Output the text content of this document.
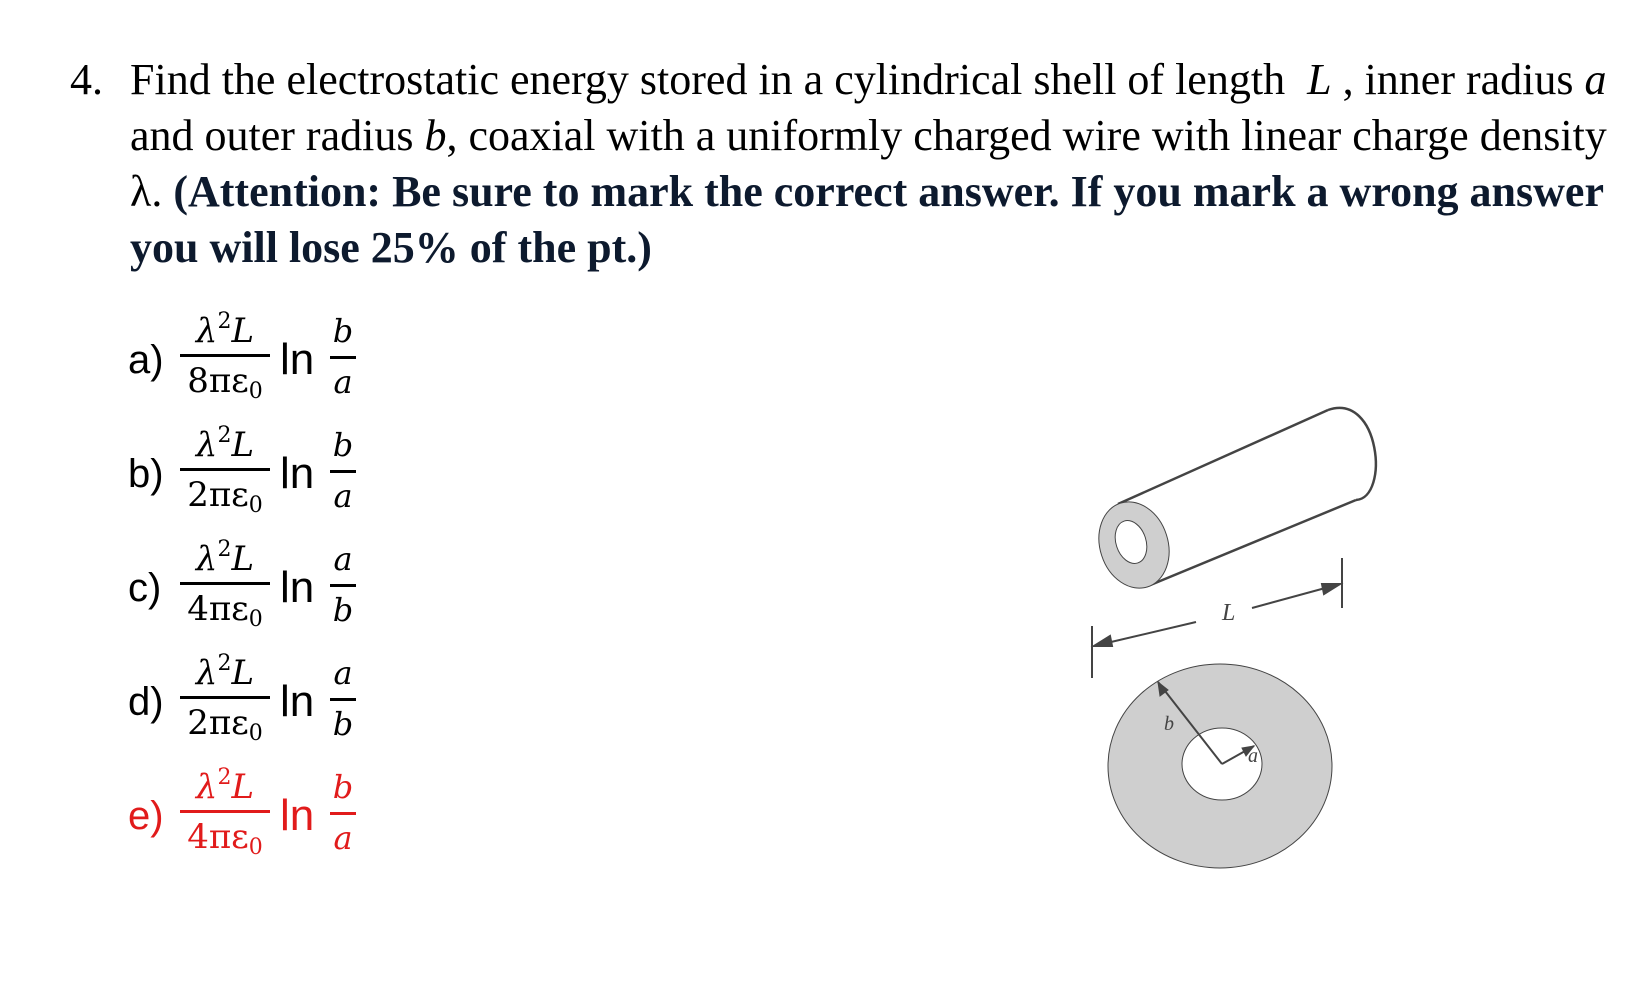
4. Find the electrostatic energy stored in a cylindrical shell of length L , inner radius a and outer radius b, coaxial with a uniformly charged wire with linear charge density λ. (Attention: Be sure to mark the correct answer. If you mark a wrong answer you will lose 25% of the pt.)
a)
$\lambda^2L$
$8\pi\varepsilon_0$
ln
b
a
b)
$\lambda^2L$
$2\pi\varepsilon_0$
ln
b
a
c)
$\lambda^2L$
$4\pi\varepsilon_0$
ln
a
b
d)
$\lambda^2L$
$2\pi\varepsilon_0$
ln
a
b
e)
$\lambda^2L$
$4\pi\varepsilon_0$
ln
b
a
L
b
a
